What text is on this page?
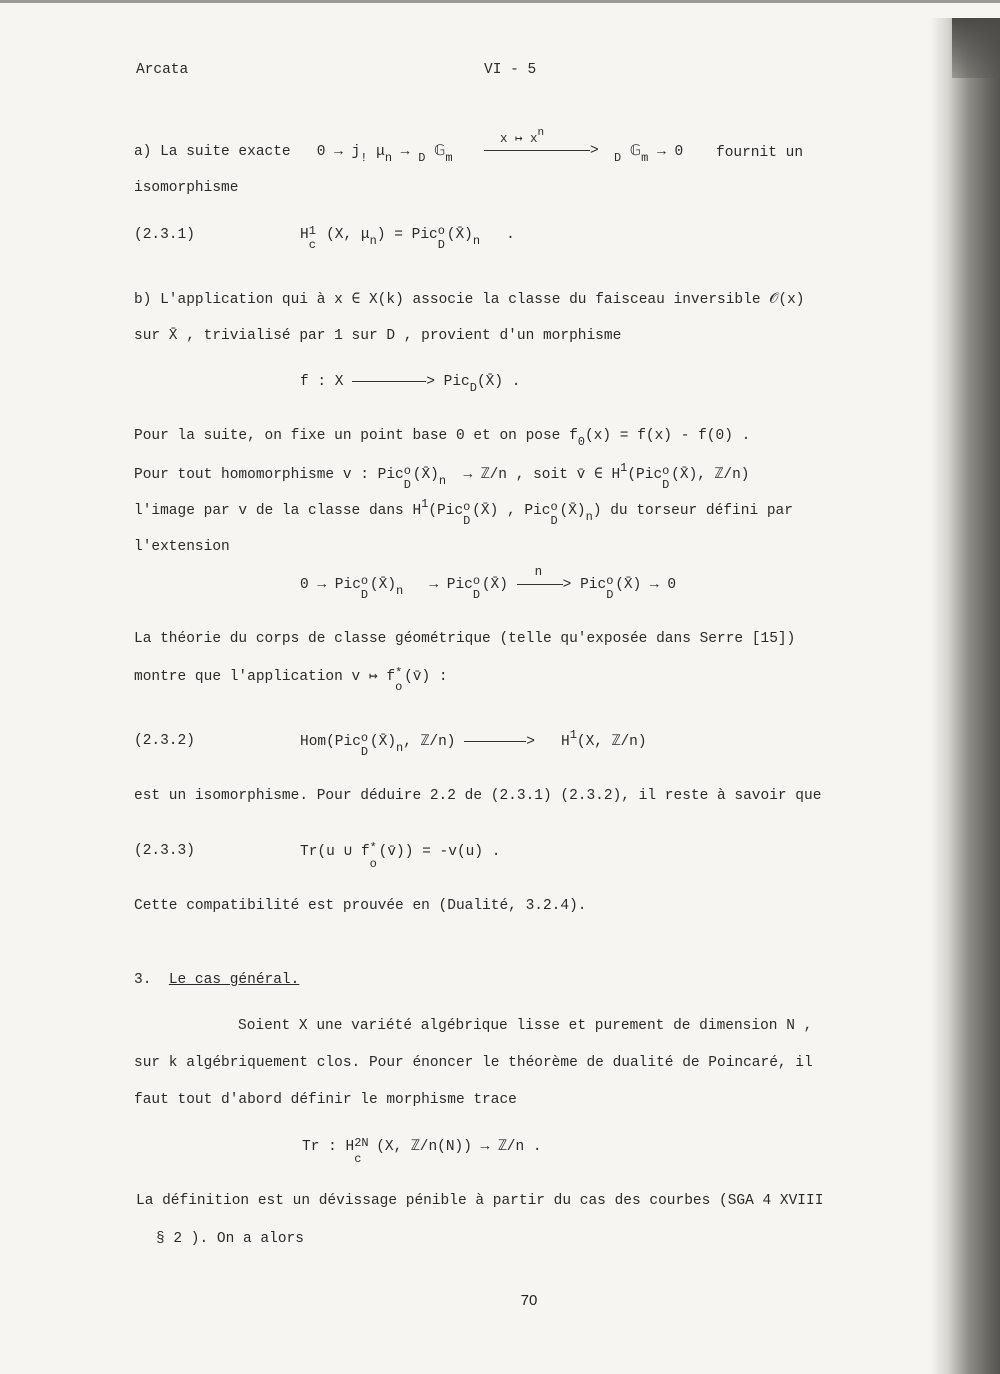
Arcata	VI - 5
a) La suite exacte $0 \to j_!$ $\mu_n \to _D$ 𝔾$_m$
x ↦ xn
> $_D$ 𝔾$_m$ → 0 fournit un
isomorphisme
(2.3.1)	H 1
c
(X, $\mu_n$) = Pic o
D
$(X̄)_n$ .
b) L'application qui à x ∈ X(k) associe la classe du faisceau inversible 𝒪(x)
sur X̄ , trivialisé par 1 sur D , provient d'un morphisme
f : X	> Pic$_D$(X̄) .
Pour la suite, on fixe un point base 0 et on pose $f_0(x) = f(x) - f(0)$ .
Pour tout homomorphisme v : Pic o
D
$(X̄)_n$ → ℤ/n , soit v̄ ∈ $H^1(Pic$ o
D
(X̄), ℤ/n)
l'image par v de la classe dans $H^1(Pic$ o
D
(X̄) , Pic o
D
$(X̄)_n$) du torseur défini par
l'extension
0 → Pic o
D
$(X̄)_n$ → Pic o
D
(X̄)
n
> Pic o
D
(X̄) → 0
La théorie du corps de classe géométrique (telle qu'exposée dans Serre [15])
montre que l'application v ↦ f *
o
(v̄) :
(2.3.2)	Hom(Pic o
D
$(X̄)_n$, ℤ/n)	> $H^1(X$, ℤ/n)
est un isomorphisme. Pour déduire 2.2 de (2.3.1) (2.3.2), il reste à savoir que
(2.3.3)	Tr(u ∪ f *
o
(v̄)) = -v(u) .
Cette compatibilité est prouvée en (Dualité, 3.2.4).
3. Le cas général.
Soient X une variété algébrique lisse et purement de dimension N ,
sur k algébriquement clos. Pour énoncer le théorème de dualité de Poincaré, il
faut tout d'abord définir le morphisme trace
Tr : H 2N
c
(X, ℤ/n(N)) → ℤ/n .
La définition est un dévissage pénible à partir du cas des courbes (SGA 4 XVIII
§ 2 ). On a alors
70
